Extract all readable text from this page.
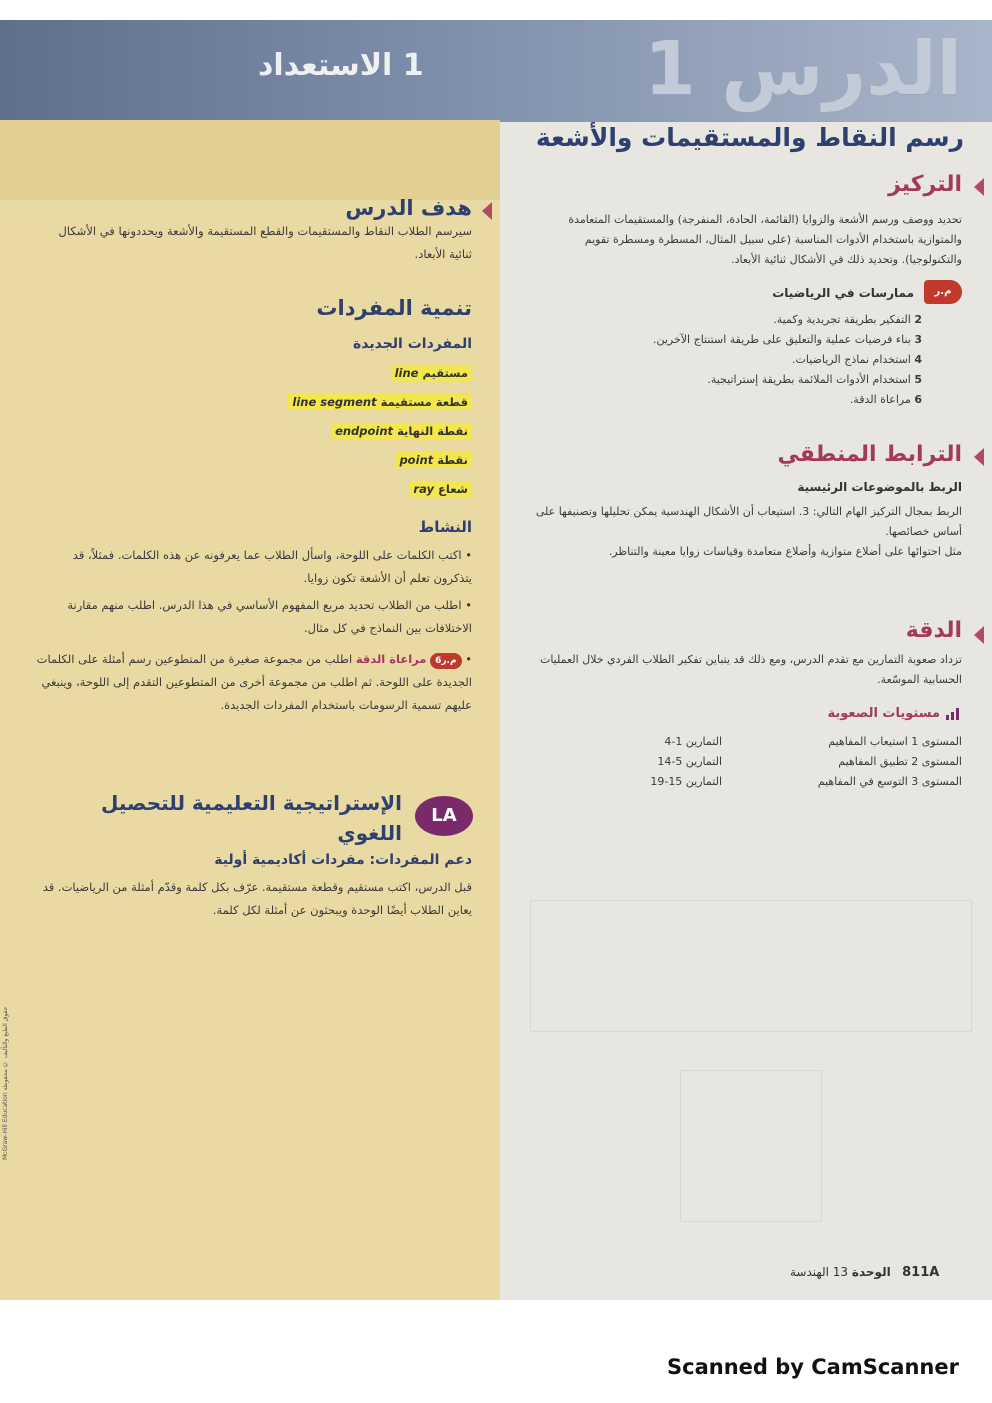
الدرس 1
1 الاستعداد
رسم النقاط والمستقيمات والأشعة
التركيز
تحديد ووصف ورسم الأشعة والزوايا (القائمة، الحادة، المنفرجة) والمستقيمات المتعامدة والمتوازية باستخدام الأدوات المناسبة (على سبيل المثال، المسطرة ومسطرة تقويم والتكنولوجيا). وتحديد ذلك في الأشكال ثنائية الأبعاد.
م.ر
ممارسات في الرياضيات
2 التفكير بطريقة تجريدية وكمية.
3 بناء فرضيات عملية والتعليق على طريقة استنتاج الآخرين.
4 استخدام نماذج الرياضيات.
5 استخدام الأدوات الملائمة بطريقة إستراتيجية.
6 مراعاة الدقة.
الترابط المنطقي
الربط بالموضوعات الرئيسية
الربط بمجال التركيز الهام التالي: 3. استيعاب أن الأشكال الهندسية يمكن تحليلها وتصنيفها على أساس خصائصها.
مثل احتوائها على أضلاع متوازية وأضلاع متعامدة وقياسات زوايا معينة والتناظر.
الدقة
تزداد صعوبة التمارين مع تقدم الدرس، ومع ذلك قد يتباين تفكير الطلاب الفردي خلال العمليات الحسابية الموسّعة.
مستويات الصعوبة
المستوى 1 استيعاب المفاهيم
التمارين 1-4
المستوى 2 تطبيق المفاهيم
التمارين 5-14
المستوى 3 التوسع في المفاهيم
التمارين 15-19
هدف الدرس
سيرسم الطلاب النقاط والمستقيمات والقطع المستقيمة والأشعة ويحددونها في الأشكال ثنائية الأبعاد.
تنمية المفردات
المفردات الجديدة
مستقيم line
قطعة مستقيمة line segment
نقطة النهاية endpoint
نقطة point
شعاع ray
النشاط
• اكتب الكلمات على اللوحة، واسأل الطلاب عما يعرفونه عن هذه الكلمات. فمثلاً، قد يتذكرون تعلم أن الأشعة تكون زوايا.
• اطلب من الطلاب تحديد مربع المفهوم الأساسي في هذا الدرس. اطلب منهم مقارنة الاختلافات بين النماذج في كل مثال.
• م.ر6 مراعاة الدقة اطلب من مجموعة صغيرة من المتطوعين رسم أمثلة على الكلمات الجديدة على اللوحة. ثم اطلب من مجموعة أخرى من المتطوعين التقدم إلى اللوحة، وينبغي عليهم تسمية الرسومات باستخدام المفردات الجديدة.
LA
الإستراتيجية التعليمية للتحصيل
اللغوي
دعم المفردات: مفردات أكاديمية أولية
قبل الدرس، اكتب مستقيم وقطعة مستقيمة. عرّف بكل كلمة وقدّم أمثلة من الرياضيات. قد يعاين الطلاب أيضًا الوحدة ويبحثون عن أمثلة لكل كلمة.
McGraw-Hill Education حقوق الطبع والتأليف © محفوظة
811A   الوحدة 13 الهندسة
Scanned by CamScanner
